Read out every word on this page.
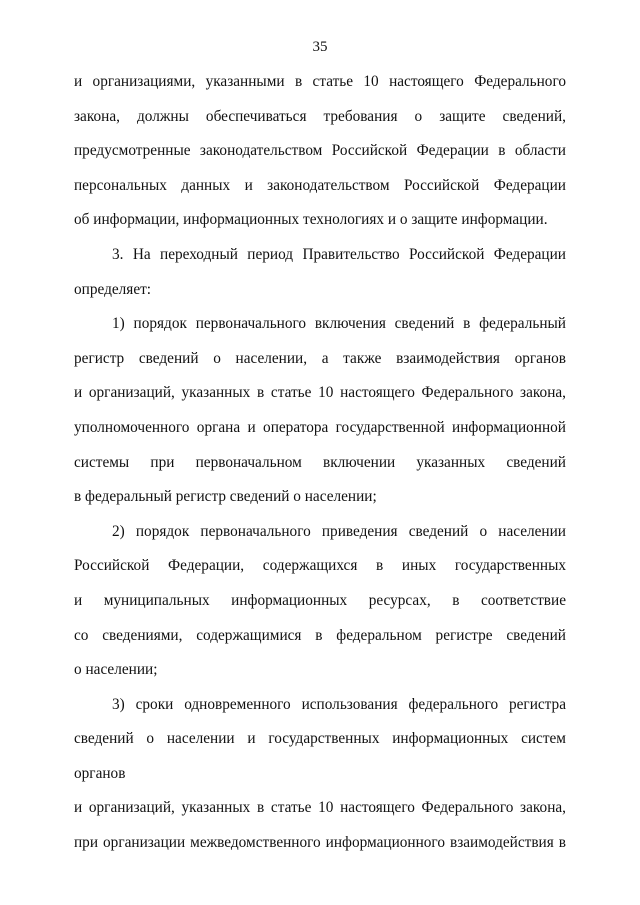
35
и организациями, указанными в статье 10 настоящего Федерального
закона, должны обеспечиваться требования о защите сведений,
предусмотренные законодательством Российской Федерации в области
персональных данных и законодательством Российской Федерации
об информации, информационных технологиях и о защите информации.
3. На переходный период Правительство Российской Федерации
определяет:
1) порядок первоначального включения сведений в федеральный
регистр сведений о населении, а также взаимодействия органов
и организаций, указанных в статье 10 настоящего Федерального закона,
уполномоченного органа и оператора государственной информационной
системы при первоначальном включении указанных сведений
в федеральный регистр сведений о населении;
2) порядок первоначального приведения сведений о населении
Российской Федерации, содержащихся в иных государственных
и муниципальных информационных ресурсах, в соответствие
со сведениями, содержащимися в федеральном регистре сведений
о населении;
3) сроки одновременного использования федерального регистра
сведений о населении и государственных информационных систем органов
и организаций, указанных в статье 10 настоящего Федерального закона,
при организации межведомственного информационного взаимодействия в
